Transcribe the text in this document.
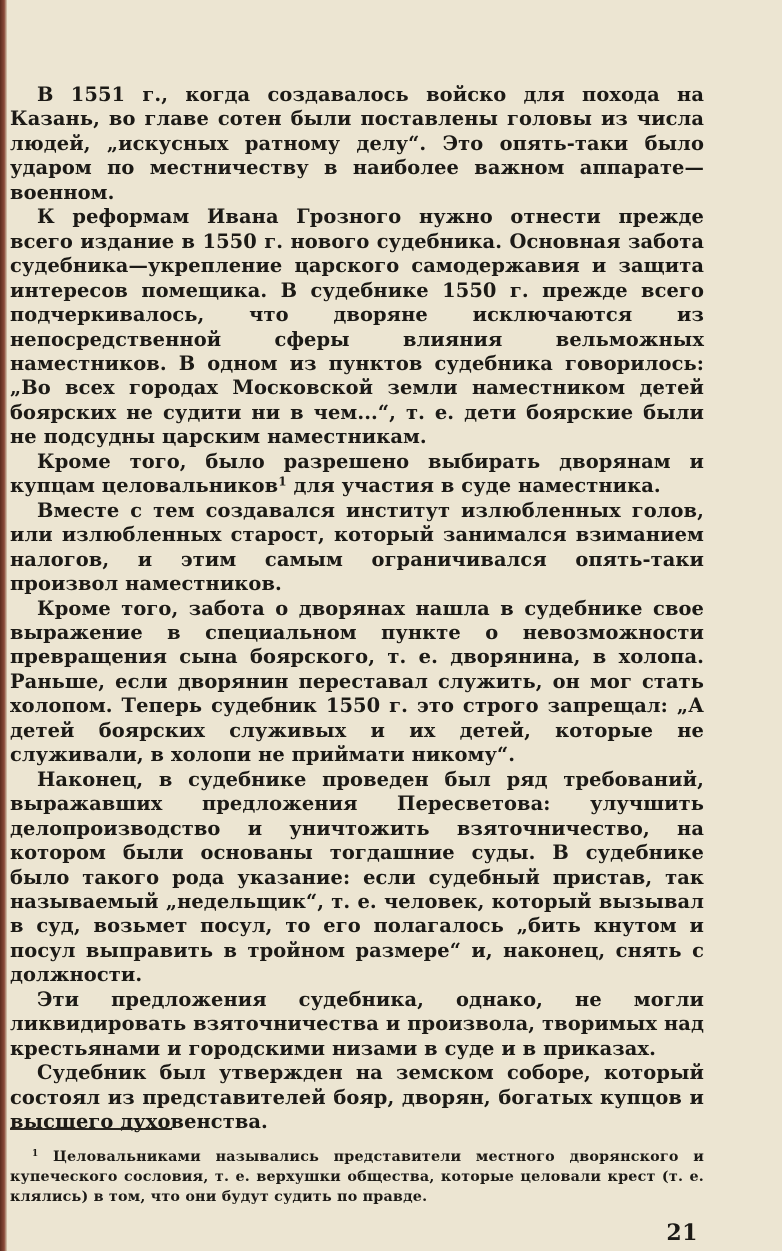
В 1551 г., когда создавалось войско для похода на Казань, во главе сотен были поставлены головы из числа людей, „искусных ратному делу“. Это опять-таки было ударом по местничеству в наиболее важном аппарате—военном.

К реформам Ивана Грозного нужно отнести прежде всего издание в 1550 г. нового судебника. Основная забота судебника—укрепление царского самодержавия и защита интересов помещика. В судебнике 1550 г. прежде всего подчеркивалось, что дворяне исключаются из непосредственной сферы влияния вельможных наместников. В одном из пунктов судебника говорилось: „Во всех городах Московской земли наместником детей боярских не судити ни в чем...“, т. е. дети боярские были не подсудны царским наместникам.

Кроме того, было разрешено выбирать дворянам и купцам целовальников$^1$ для участия в суде наместника.

Вместе с тем создавался институт излюбленных голов, или излюбленных старост, который занимался взиманием налогов, и этим самым ограничивался опять-таки произвол наместников.

Кроме того, забота о дворянах нашла в судебнике свое выражение в специальном пункте о невозможности превращения сына боярского, т. е. дворянина, в холопа. Раньше, если дворянин переставал служить, он мог стать холопом. Теперь судебник 1550 г. это строго запрещал: „А детей боярских служивых и их детей, которые не служивали, в холопи не приймати никому“.

Наконец, в судебнике проведен был ряд требований, выражавших предложения Пересветова: улучшить делопроизводство и уничтожить взяточничество, на котором были основаны тогдашние суды. В судебнике было такого рода указание: если судебный пристав, так называемый „недельщик“, т. е. человек, который вызывал в суд, возьмет посул, то его полагалось „бить кнутом и посул выправить в тройном размере“ и, наконец, снять с должности.

Эти предложения судебника, однако, не могли ликвидировать взяточничества и произвола, творимых над крестьянами и городскими низами в суде и в приказах.

Судебник был утвержден на земском соборе, который состоял из представителей бояр, дворян, богатых купцов и высшего духовенства.

$^1$ Целовальниками назывались представители местного дворянского и купеческого сословия, т. е. верхушки общества, которые целовали крест (т. е. клялись) в том, что они будут судить по правде.

21
